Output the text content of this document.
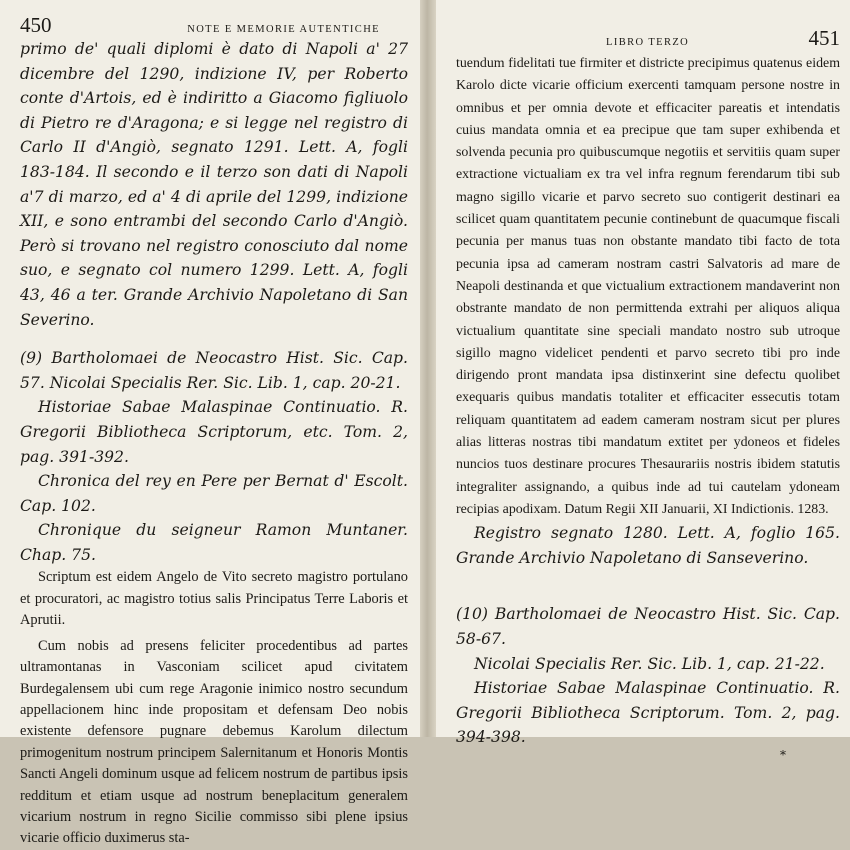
450	NOTE E MEMORIE AUTENTICHE

primo de' quali diplomi è dato di Napoli a' 27 dicembre del 1290, indizione IV, per Roberto conte d'Artois, ed è indiritto a Giacomo figliuolo di Pietro re d'Aragona; e si legge nel registro di Carlo II d'Angiò, segnato 1291. Lett. A, fogli 183-184. Il secondo e il terzo son dati di Napoli a'7 di marzo, ed a' 4 di aprile del 1299, indizione XII, e sono entrambi del secondo Carlo d'Angiò. Però si trovano nel registro conosciuto dal nome suo, e segnato col numero 1299. Lett. A, fogli 43, 46 a ter. Grande Archivio Napoletano di San Severino.

(9) Bartholomaei de Neocastro Hist. Sic. Cap. 57. Nicolai Specialis Rer. Sic. Lib. 1, cap. 20-21.

Historiae Sabae Malaspinae Continuatio. R. Gregorii Bibliotheca Scriptorum, etc. Tom. 2, pag. 391-392.

Chronica del rey en Pere per Bernat d' Escolt. Cap. 102.

Chronique du seigneur Ramon Muntaner. Chap. 75.

Scriptum est eidem Angelo de Vito secreto magistro portulano et procuratori, ac magistro totius salis Principatus Terre Laboris et Aprutii.

Cum nobis ad presens feliciter procedentibus ad partes ultramontanas in Vasconiam scilicet apud civitatem Burdegalensem ubi cum rege Aragonie inimico nostro secundum appellacionem hinc inde propositam et defensam Deo nobis existente defensore pugnare debemus Karolum dilectum primogenitum nostrum principem Salernitanum et Honoris Montis Sancti Angeli dominum usque ad felicem nostrum de partibus ipsis redditum et etiam usque ad nostrum beneplacitum generalem vicarium nostrum in regno Sicilie commisso sibi plene ipsius vicarie officio duximerus sta-

LIBRO TERZO	451

tuendum fidelitati tue firmiter et districte precipimus quatenus eidem Karolo dicte vicarie officium exercenti tamquam persone nostre in omnibus et per omnia devote et efficaciter pareatis et intendatis cuius mandata omnia et ea precipue que tam super exhibenda et solvenda pecunia pro quibuscumque negotiis et servitiis quam super extractione victualiam ex tra vel infra regnum ferendarum tibi sub magno sigillo vicarie et parvo secreto suo contigerit destinari ea scilicet quam quantitatem pecunie continebunt de quacumque fiscali pecunia per manus tuas non obstante mandato tibi facto de tota pecunia ipsa ad cameram nostram castri Salvatoris ad mare de Neapoli destinanda et que victualium extractionem mandaverint non obstrante mandato de non permittenda extrahi per aliquos aliqua victualium quantitate sine speciali mandato nostro sub utroque sigillo magno videlicet pendenti et parvo secreto tibi pro inde dirigendo pront mandata ipsa distinxerint sine defectu quolibet exequaris quibus mandatis totaliter et efficaciter essecutis totam reliquam quantitatem ad eadem cameram nostram sicut per plures alias litteras nostras tibi mandatum extitet per ydoneos et fideles nuncios tuos destinare procures Thesaurariis nostris ibidem statutis integraliter assignando, a quibus inde ad tui cautelam ydoneam recipias apodixam. Datum Regii XII Januarii, XI Indictionis. 1283.

Registro segnato 1280. Lett. A, foglio 165. Grande Archivio Napoletano di Sanseverino.

(10) Bartholomaei de Neocastro Hist. Sic. Cap. 58-67.

Nicolai Specialis Rer. Sic. Lib. 1, cap. 21-22.

Historiae Sabae Malaspinae Continuatio. R. Gregorii Bibliotheca Scriptorum. Tom. 2, pag. 394-398.

*
